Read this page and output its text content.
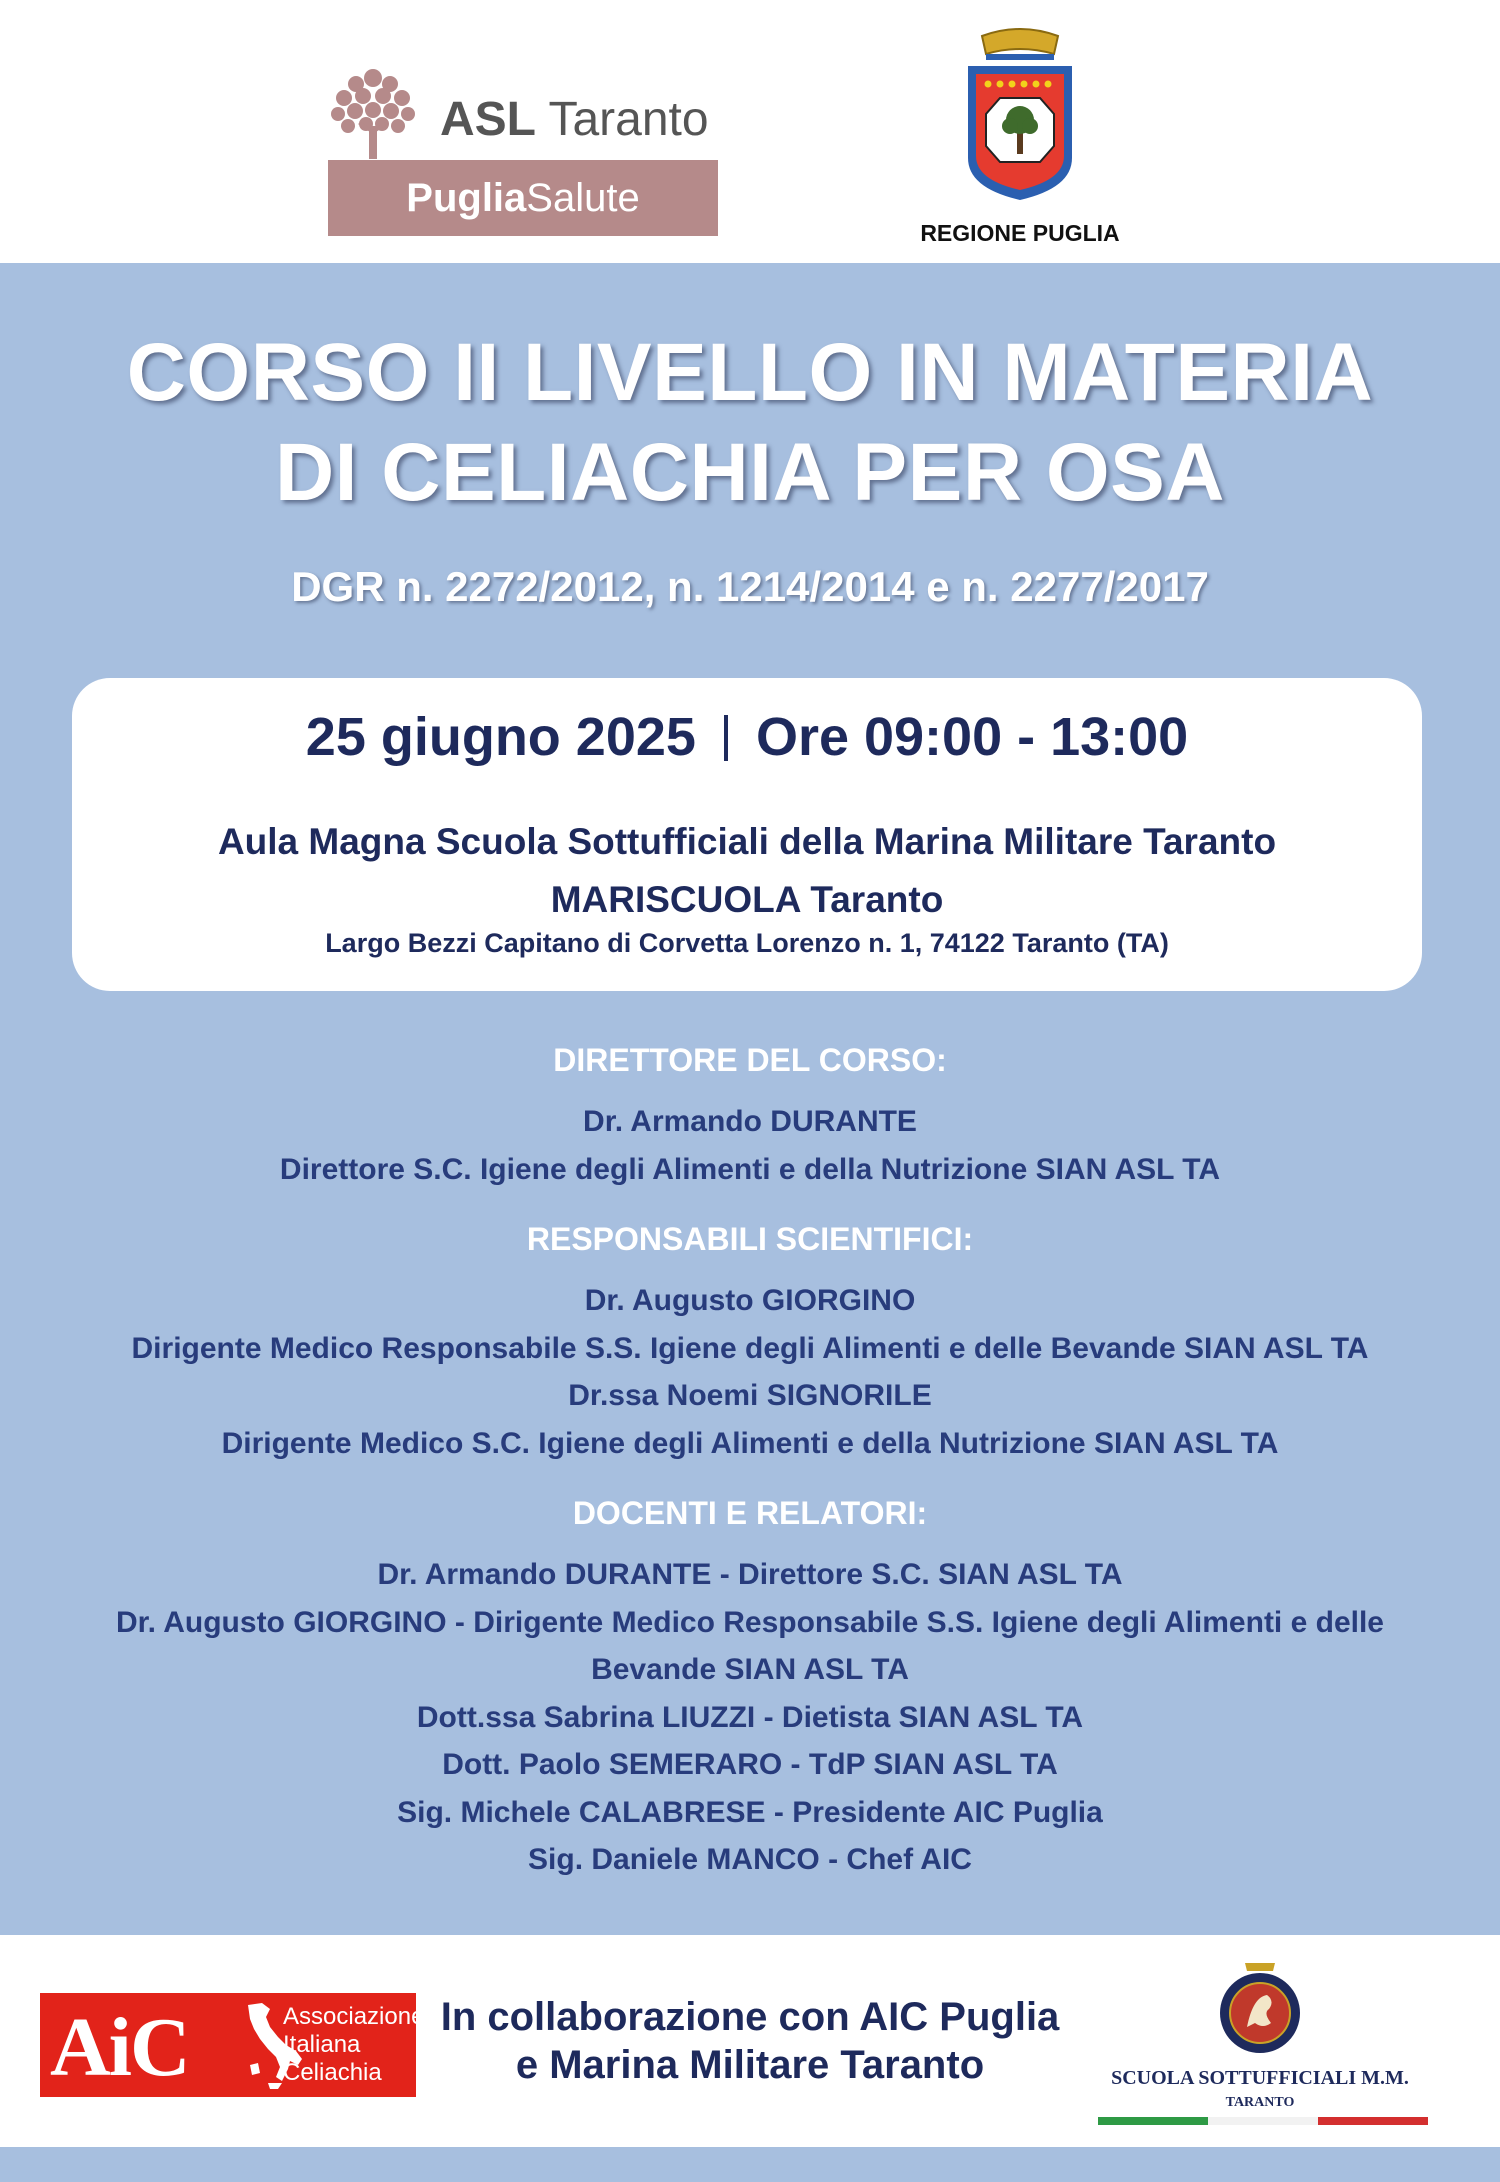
ASL Taranto
Puglia Salute
REGIONE PUGLIA
CORSO II LIVELLO IN MATERIA
DI CELIACHIA PER OSA
DGR n. 2272/2012, n. 1214/2014 e n. 2277/2017
25 giugno 2025 Ore 09:00 - 13:00
Aula Magna Scuola Sottufficiali della Marina Militare Taranto
MARISCUOLA Taranto
Largo Bezzi Capitano di Corvetta Lorenzo n. 1, 74122 Taranto (TA)
DIRETTORE DEL CORSO:

Dr. Armando DURANTE

Direttore S.C. Igiene degli Alimenti e della Nutrizione SIAN ASL TA

RESPONSABILI SCIENTIFICI:

Dr. Augusto GIORGINO

Dirigente Medico Responsabile S.S. Igiene degli Alimenti e delle Bevande SIAN ASL TA

Dr.ssa Noemi SIGNORILE

Dirigente Medico S.C. Igiene degli Alimenti e della Nutrizione SIAN ASL TA

DOCENTI E RELATORI:

Dr. Armando DURANTE - Direttore S.C. SIAN ASL TA

Dr. Augusto GIORGINO - Dirigente Medico Responsabile S.S. Igiene degli Alimenti e delle

Bevande SIAN ASL TA

Dott.ssa Sabrina LIUZZI - Dietista SIAN ASL TA

Dott. Paolo SEMERARO - TdP SIAN ASL TA

Sig. Michele CALABRESE - Presidente AIC Puglia

Sig. Daniele MANCO - Chef AIC

AiC	Associazione
Italiana
Celiachia
In collaborazione con AIC Puglia
e Marina Militare Taranto	SCUOLA SOTTUFFICIALI M.M.
TARANTO
